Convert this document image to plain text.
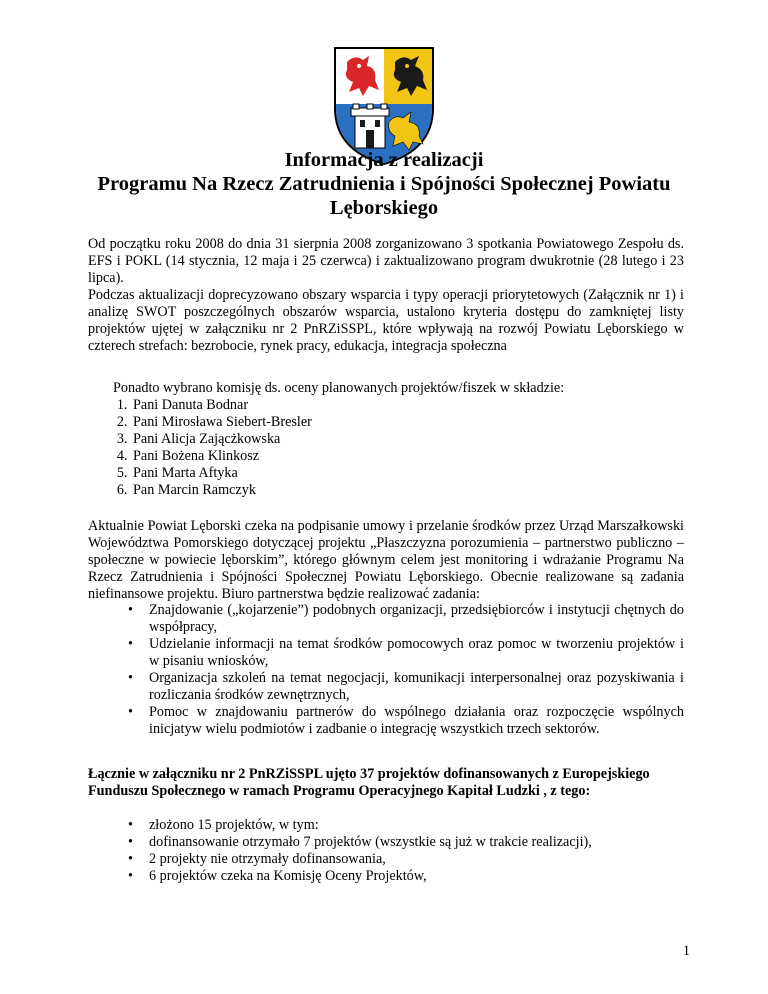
Informacja z realizacji
Programu Na Rzecz Zatrudnienia i Spójności Społecznej Powiatu
Lęborskiego
Od początku roku 2008 do dnia 31 sierpnia 2008 zorganizowano 3 spotkania Powiatowego Zespołu ds. EFS i POKL (14 stycznia, 12 maja i 25 czerwca) i zaktualizowano program dwukrotnie (28 lutego i 23 lipca).
Podczas aktualizacji doprecyzowano obszary wsparcia i typy operacji priorytetowych (Załącznik nr 1) i analizę SWOT poszczególnych obszarów wsparcia, ustalono kryteria dostępu do zamkniętej listy projektów ujętej w załączniku nr 2 PnRZiSSPL, które wpływają na rozwój Powiatu Lęborskiego w czterech strefach: bezrobocie, rynek pracy, edukacja, integracja społeczna
Ponadto wybrano komisję ds. oceny planowanych projektów/fiszek w składzie:
1. Pani Danuta Bodnar
2. Pani Mirosława Siebert-Bresler
3. Pani Alicja Zającżkowska
4. Pani Bożena Klinkosz
5. Pani Marta Aftyka
6. Pan Marcin Ramczyk
Aktualnie Powiat Lęborski czeka na podpisanie umowy i przelanie środków przez Urząd Marszałkowski Województwa Pomorskiego dotyczącej projektu „Płaszczyzna porozumienia – partnerstwo publiczno – społeczne w powiecie lęborskim”, którego głównym celem jest monitoring i wdrażanie Programu Na Rzecz Zatrudnienia i Spójności Społecznej Powiatu Lęborskiego. Obecnie realizowane są zadania niefinansowe projektu. Biuro partnerstwa będzie realizować zadania:
• Znajdowanie („kojarzenie”) podobnych organizacji, przedsiębiorców i instytucji chętnych do współpracy,
• Udzielanie informacji na temat środków pomocowych oraz pomoc w tworzeniu projektów i w pisaniu wniosków,
• Organizacja szkoleń na temat negocjacji, komunikacji interpersonalnej oraz pozyskiwania i rozliczania środków zewnętrznych,
• Pomoc w znajdowaniu partnerów do wspólnego działania oraz rozpoczęcie wspólnych inicjatyw wielu podmiotów i zadbanie o integrację wszystkich trzech sektorów.
Łącznie w załączniku nr 2 PnRZiSSPL ujęto 37 projektów dofinansowanych z Europejskiego Funduszu Społecznego w ramach Programu Operacyjnego Kapitał Ludzki , z tego:
• złożono 15 projektów, w tym:
• dofinansowanie otrzymało 7 projektów (wszystkie są już w trakcie realizacji),
• 2 projekty nie otrzymały dofinansowania,
• 6 projektów czeka na Komisję Oceny Projektów,
1
